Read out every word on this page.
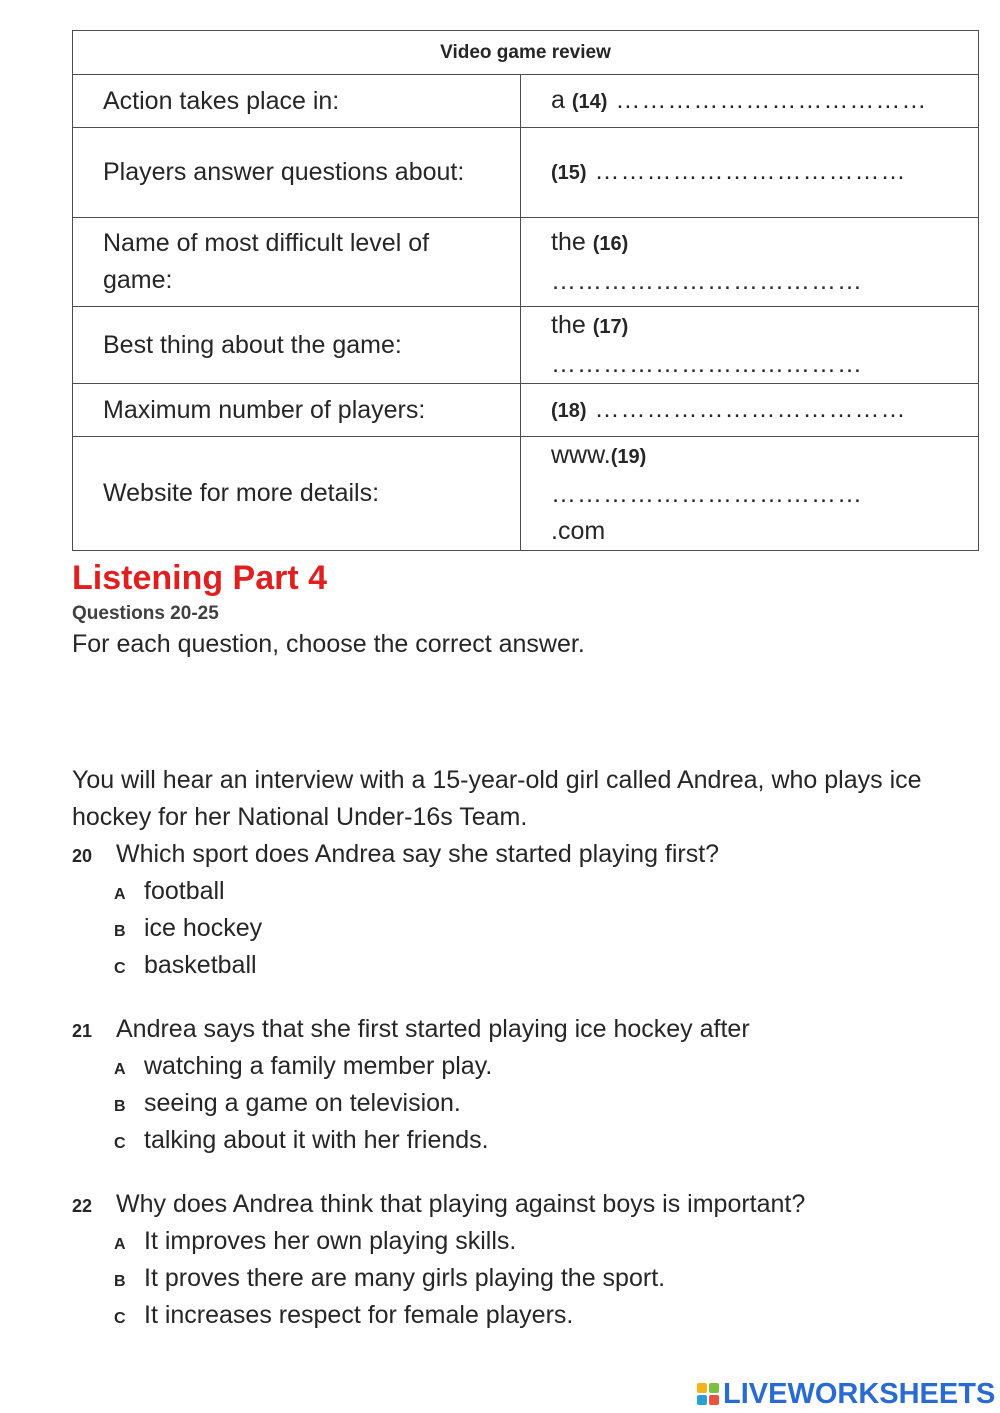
Video game review	
Action takes place in:	a (14) ………………………………
Players answer questions about:	(15) ………………………………
Name of most difficult level of game:	the (16) ………………………………
Best thing about the game:	the (17) ………………………………
Maximum number of players:	(18) ………………………………
Website for more details:	www.(19) ………………………………
.com
Listening Part 4
Questions 20-25
For each question, choose the correct answer.
You will hear an interview with a 15-year-old girl called Andrea, who plays ice hockey for her National Under-16s Team.
20 Which sport does Andrea say she started playing first?
A football
B ice hockey
C basketball
21 Andrea says that she first started playing ice hockey after
A watching a family member play.
B seeing a game on television.
C talking about it with her friends.
22 Why does Andrea think that playing against boys is important?
A It improves her own playing skills.
B It proves there are many girls playing the sport.
C It increases respect for female players.
LIVEWORKSHEETS
